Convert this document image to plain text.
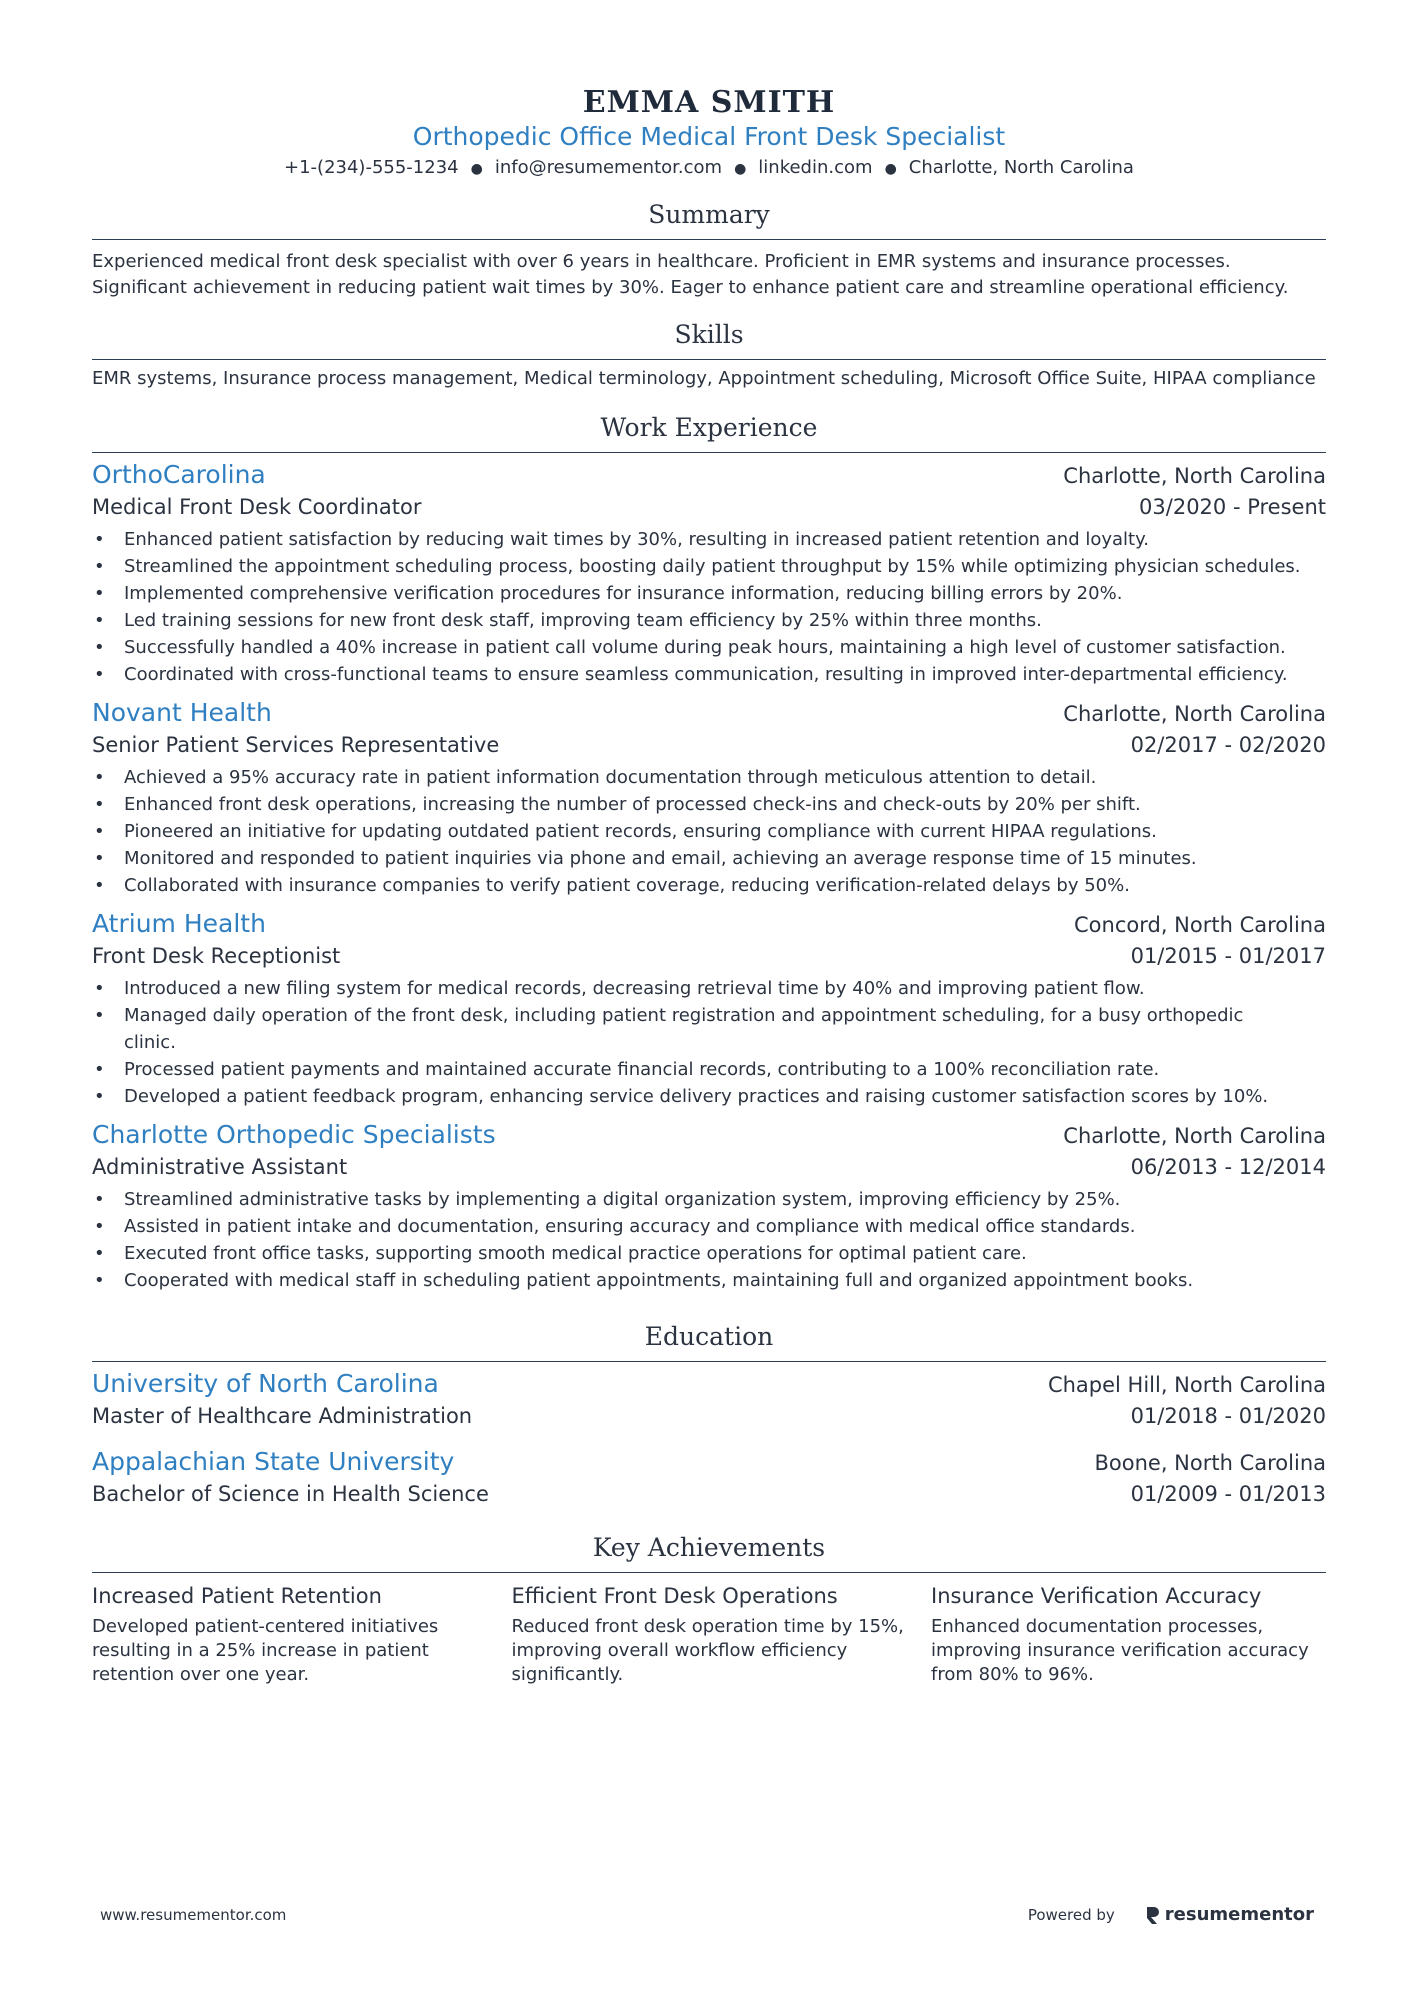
EMMA SMITH
Orthopedic Office Medical Front Desk Specialist
+1-(234)-555-1234 ● info@resumementor.com ● linkedin.com ● Charlotte, North Carolina
Summary
Experienced medical front desk specialist with over 6 years in healthcare. Proficient in EMR systems and insurance processes. Significant achievement in reducing patient wait times by 30%. Eager to enhance patient care and streamline operational efficiency.
Skills
EMR systems, Insurance process management, Medical terminology, Appointment scheduling, Microsoft Office Suite, HIPAA compliance
Work Experience
OrthoCarolina	Charlotte, North Carolina
Medical Front Desk Coordinator	03/2020 - Present
• Enhanced patient satisfaction by reducing wait times by 30%, resulting in increased patient retention and loyalty.
• Streamlined the appointment scheduling process, boosting daily patient throughput by 15% while optimizing physician schedules.
• Implemented comprehensive verification procedures for insurance information, reducing billing errors by 20%.
• Led training sessions for new front desk staff, improving team efficiency by 25% within three months.
• Successfully handled a 40% increase in patient call volume during peak hours, maintaining a high level of customer satisfaction.
• Coordinated with cross-functional teams to ensure seamless communication, resulting in improved inter-departmental efficiency.
Novant Health	Charlotte, North Carolina
Senior Patient Services Representative	02/2017 - 02/2020
• Achieved a 95% accuracy rate in patient information documentation through meticulous attention to detail.
• Enhanced front desk operations, increasing the number of processed check-ins and check-outs by 20% per shift.
• Pioneered an initiative for updating outdated patient records, ensuring compliance with current HIPAA regulations.
• Monitored and responded to patient inquiries via phone and email, achieving an average response time of 15 minutes.
• Collaborated with insurance companies to verify patient coverage, reducing verification-related delays by 50%.
Atrium Health	Concord, North Carolina
Front Desk Receptionist	01/2015 - 01/2017
• Introduced a new filing system for medical records, decreasing retrieval time by 40% and improving patient flow.
• Managed daily operation of the front desk, including patient registration and appointment scheduling, for a busy orthopedic clinic.
• Processed patient payments and maintained accurate financial records, contributing to a 100% reconciliation rate.
• Developed a patient feedback program, enhancing service delivery practices and raising customer satisfaction scores by 10%.
Charlotte Orthopedic Specialists	Charlotte, North Carolina
Administrative Assistant	06/2013 - 12/2014
• Streamlined administrative tasks by implementing a digital organization system, improving efficiency by 25%.
• Assisted in patient intake and documentation, ensuring accuracy and compliance with medical office standards.
• Executed front office tasks, supporting smooth medical practice operations for optimal patient care.
• Cooperated with medical staff in scheduling patient appointments, maintaining full and organized appointment books.
Education
University of North Carolina	Chapel Hill, North Carolina
Master of Healthcare Administration	01/2018 - 01/2020
Appalachian State University	Boone, North Carolina
Bachelor of Science in Health Science	01/2009 - 01/2013
Key Achievements
Increased Patient Retention
Developed patient-centered initiatives resulting in a 25% increase in patient retention over one year.
Efficient Front Desk Operations
Reduced front desk operation time by 15%, improving overall workflow efficiency significantly.
Insurance Verification Accuracy
Enhanced documentation processes, improving insurance verification accuracy from 80% to 96%.
www.resumementor.com	Powered by	resumementor
